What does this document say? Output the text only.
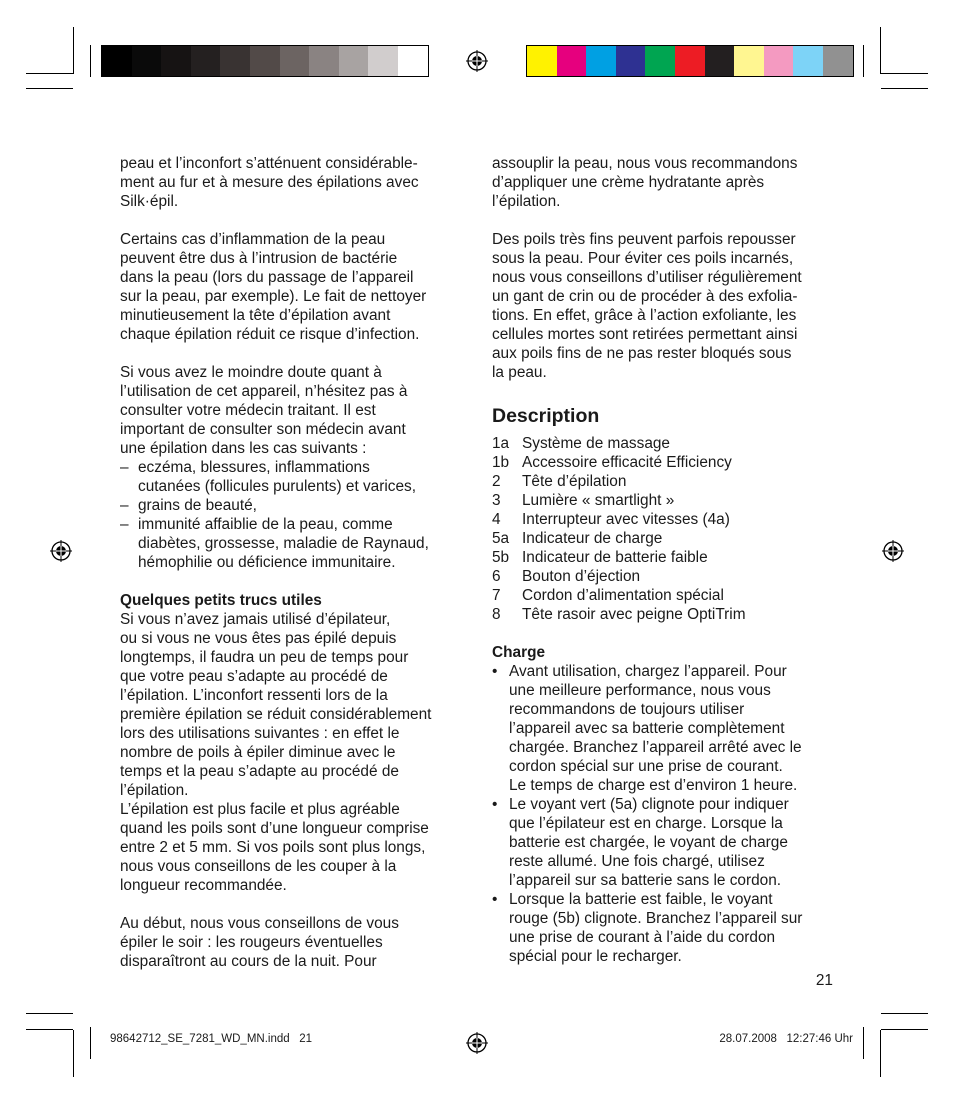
peau et l’inconfort s’atténuent considérable-
ment au fur et à mesure des épilations avec
Silk·épil.

Certains cas d’inflammation de la peau
peuvent être dus à l’intrusion de bactérie
dans la peau (lors du passage de l’appareil
sur la peau, par exemple). Le fait de nettoyer
minutieusement la tête d’épilation avant
chaque épilation réduit ce risque d’infection.

Si vous avez le moindre doute quant à
l’utilisation de cet appareil, n’hésitez pas à
consulter votre médecin traitant. Il est
important de consulter son médecin avant
une épilation dans les cas suivants :

– eczéma, blessures, inflammations
cutanées (follicules purulents) et varices,
– grains de beauté,
– immunité affaiblie de la peau, comme
diabètes, grossesse, maladie de Raynaud,
hémophilie ou déficience immunitaire.

Quelques petits trucs utiles

Si vous n’avez jamais utilisé d’épilateur,
ou si vous ne vous êtes pas épilé depuis
longtemps, il faudra un peu de temps pour
que votre peau s’adapte au procédé de
l’épilation. L’inconfort ressenti lors de la
première épilation se réduit considérablement
lors des utilisations suivantes : en effet le
nombre de poils à épiler diminue avec le
temps et la peau s’adapte au procédé de
l’épilation.
L’épilation est plus facile et plus agréable
quand les poils sont d’une longueur comprise
entre 2 et 5 mm. Si vos poils sont plus longs,
nous vous conseillons de les couper à la
longueur recommandée.

Au début, nous vous conseillons de vous
épiler le soir : les rougeurs éventuelles
disparaîtront au cours de la nuit. Pour

assouplir la peau, nous vous recommandons
d’appliquer une crème hydratante après
l’épilation.

Des poils très fins peuvent parfois repousser
sous la peau. Pour éviter ces poils incarnés,
nous vous conseillons d’utiliser régulièrement
un gant de crin ou de procéder à des exfolia-
tions. En effet, grâce à l’action exfoliante, les
cellules mortes sont retirées permettant ainsi
aux poils fins de ne pas rester bloqués sous
la peau.

Description
1a Système de massage
1b Accessoire efficacité Efficiency
2	Tête d’épilation
3	Lumière « smartlight »
4	Interrupteur avec vitesses (4a)
5a Indicateur de charge
5b Indicateur de batterie faible
6	Bouton d’éjection
7	Cordon d’alimentation spécial
8	Tête rasoir avec peigne OptiTrim

Charge

• Avant utilisation, chargez l’appareil. Pour
une meilleure performance, nous vous
recommandons de toujours utiliser
l’appareil avec sa batterie complètement
chargée. Branchez l’appareil arrêté avec le
cordon spécial sur une prise de courant.
Le temps de charge est d’environ 1 heure.
• Le voyant vert (5a) clignote pour indiquer
que l’épilateur est en charge. Lorsque la
batterie est chargée, le voyant de charge
reste allumé. Une fois chargé, utilisez
l’appareil sur sa batterie sans le cordon.
• Lorsque la batterie est faible, le voyant
rouge (5b) clignote. Branchez l’appareil sur
une prise de courant à l’aide du cordon
spécial pour le recharger.
21
98642712_SE_7281_WD_MN.indd   21	28.07.2008   12:27:46 Uhr
